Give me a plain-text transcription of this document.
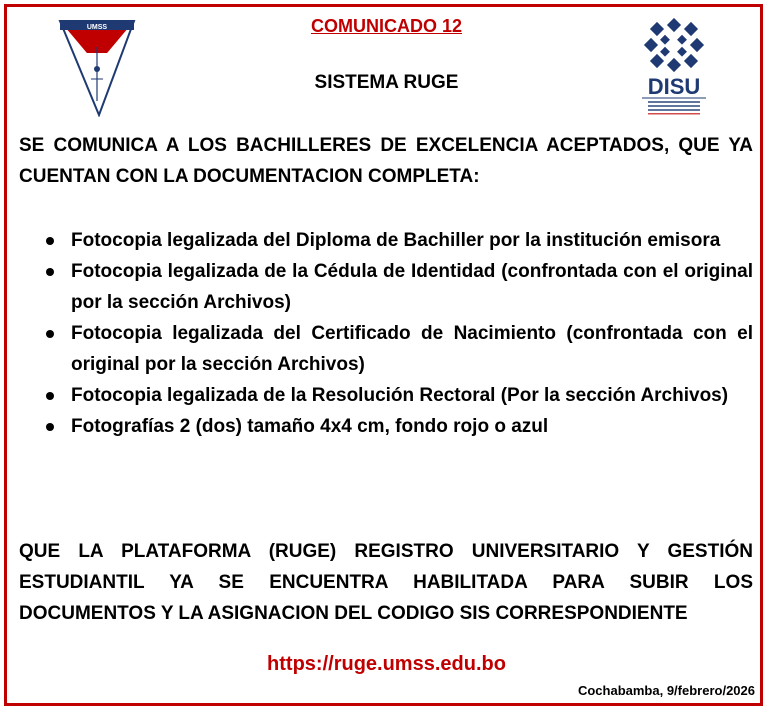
UMSS
DISU
COMUNICADO 12
SISTEMA RUGE
SE COMUNICA A LOS BACHILLERES DE EXCELENCIA ACEPTADOS, QUE YA CUENTAN CON LA DOCUMENTACION COMPLETA:
Fotocopia legalizada del Diploma de Bachiller por la institución emisora
Fotocopia legalizada de la Cédula de Identidad (confrontada con el original por la sección Archivos)
Fotocopia legalizada del Certificado de Nacimiento (confrontada con el original por la sección Archivos)
Fotocopia legalizada de la Resolución Rectoral (Por la sección Archivos)
Fotografías 2 (dos) tamaño 4x4 cm, fondo rojo o azul
QUE LA PLATAFORMA (RUGE) REGISTRO UNIVERSITARIO Y GESTIÓN ESTUDIANTIL YA SE ENCUENTRA HABILITADA PARA SUBIR LOS DOCUMENTOS Y LA ASIGNACION DEL CODIGO SIS CORRESPONDIENTE
https://ruge.umss.edu.bo
Cochabamba, 9/febrero/2026
